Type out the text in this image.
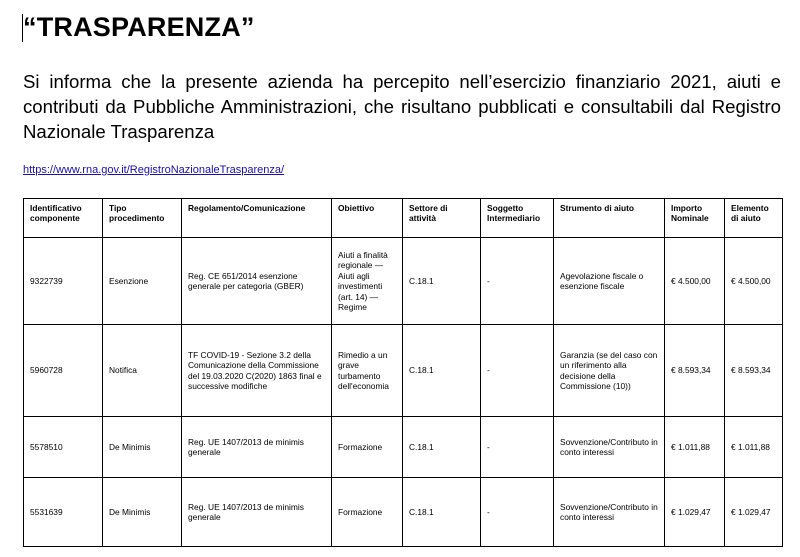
“TRASPARENZA”

Si informa che la presente azienda ha percepito nell’esercizio finanziario 2021, aiuti e contributi da Pubbliche Amministrazioni, che risultano pubblicati e consultabili dal Registro Nazionale Trasparenza

https://www.rna.gov.it/RegistroNazionaleTrasparenza/
Identificativo componente	Tipo procedimento	Regolamento/Comunicazione	Obiettivo	Settore di attività	Soggetto Intermediario	Strumento di aiuto	Importo Nominale	Elemento di aiuto
9322739	Esenzione	Reg. CE 651/2014 esenzione generale per categoria (GBER)	Aiuti a finalità regionale — Aiuti agli investimenti (art. 14) — Regime	C.18.1	-	Agevolazione fiscale o esenzione fiscale	€ 4.500,00	€ 4.500,00
5960728	Notifica	TF COVID-19 - Sezione 3.2 della Comunicazione della Commissione del 19.03.2020 C(2020) 1863 final e successive modifiche	Rimedio a un grave turbamento dell'economia	C.18.1	-	Garanzia (se del caso con un riferimento alla decisione della Commissione (10))	€ 8.593,34	€ 8.593,34
5578510	De Minimis	Reg. UE 1407/2013 de minimis generale	Formazione	C.18.1	-	Sovvenzione/Contributo in conto interessi	€ 1.011,88	€ 1.011,88
5531639	De Minimis	Reg. UE 1407/2013 de minimis generale	Formazione	C.18.1	-	Sovvenzione/Contributo in conto interessi	€ 1.029,47	€ 1.029,47
